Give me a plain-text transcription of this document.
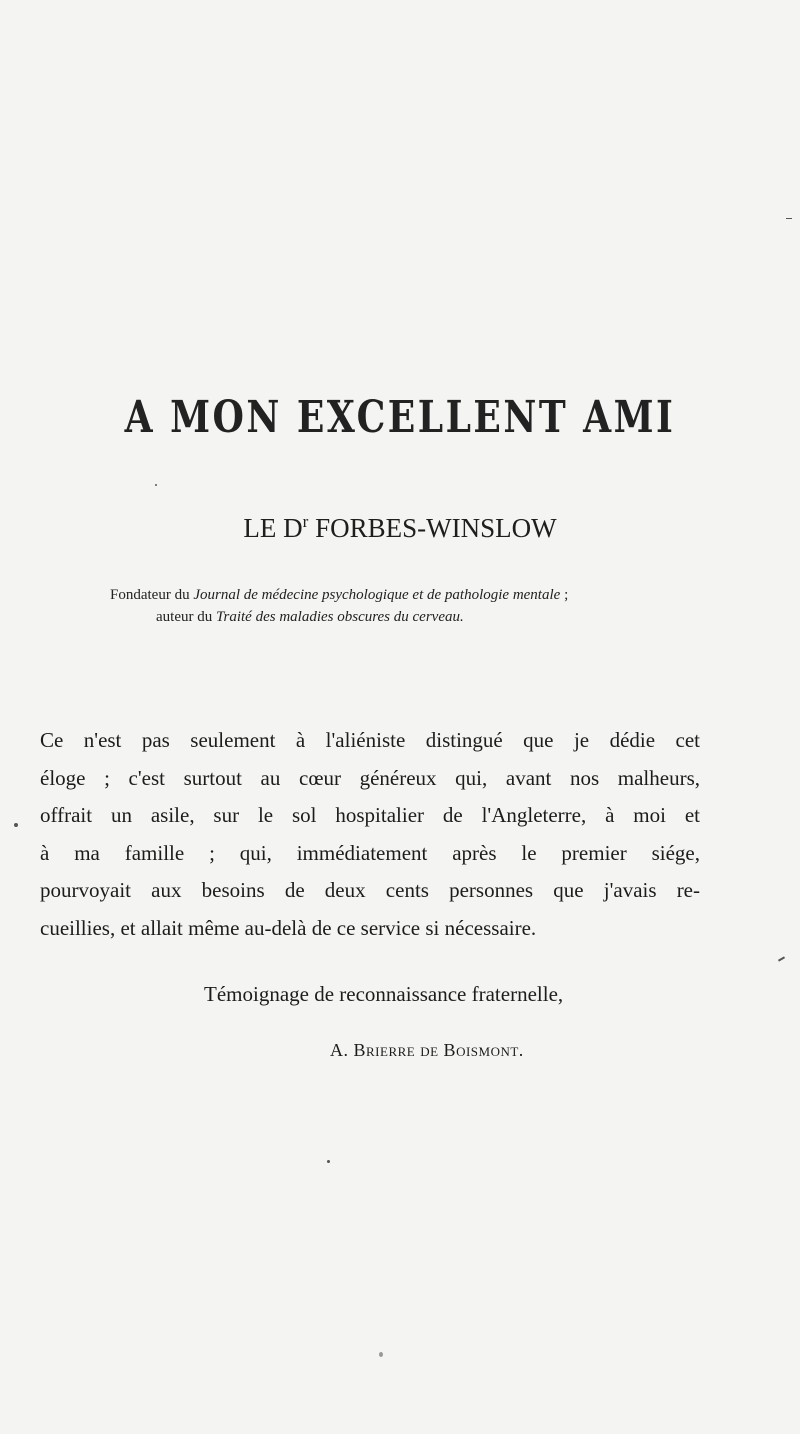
A MON EXCELLENT AMI
LE $D^r$ FORBES-WINSLOW
Fondateur du Journal de médecine psychologique et de pathologie mentale ;
auteur du Traité des maladies obscures du cerveau.
Ce n'est pas seulement à l'aliéniste distingué que je dédie cet
éloge ; c'est surtout au cœur généreux qui, avant nos malheurs,
offrait un asile, sur le sol hospitalier de l'Angleterre, à moi et
à ma famille ; qui, immédiatement après le premier siége,
pourvoyait aux besoins de deux cents personnes que j'avais re-
cueillies, et allait même au-delà de ce service si nécessaire.
Témoignage de reconnaissance fraternelle,
A. Brierre de Boismont.
